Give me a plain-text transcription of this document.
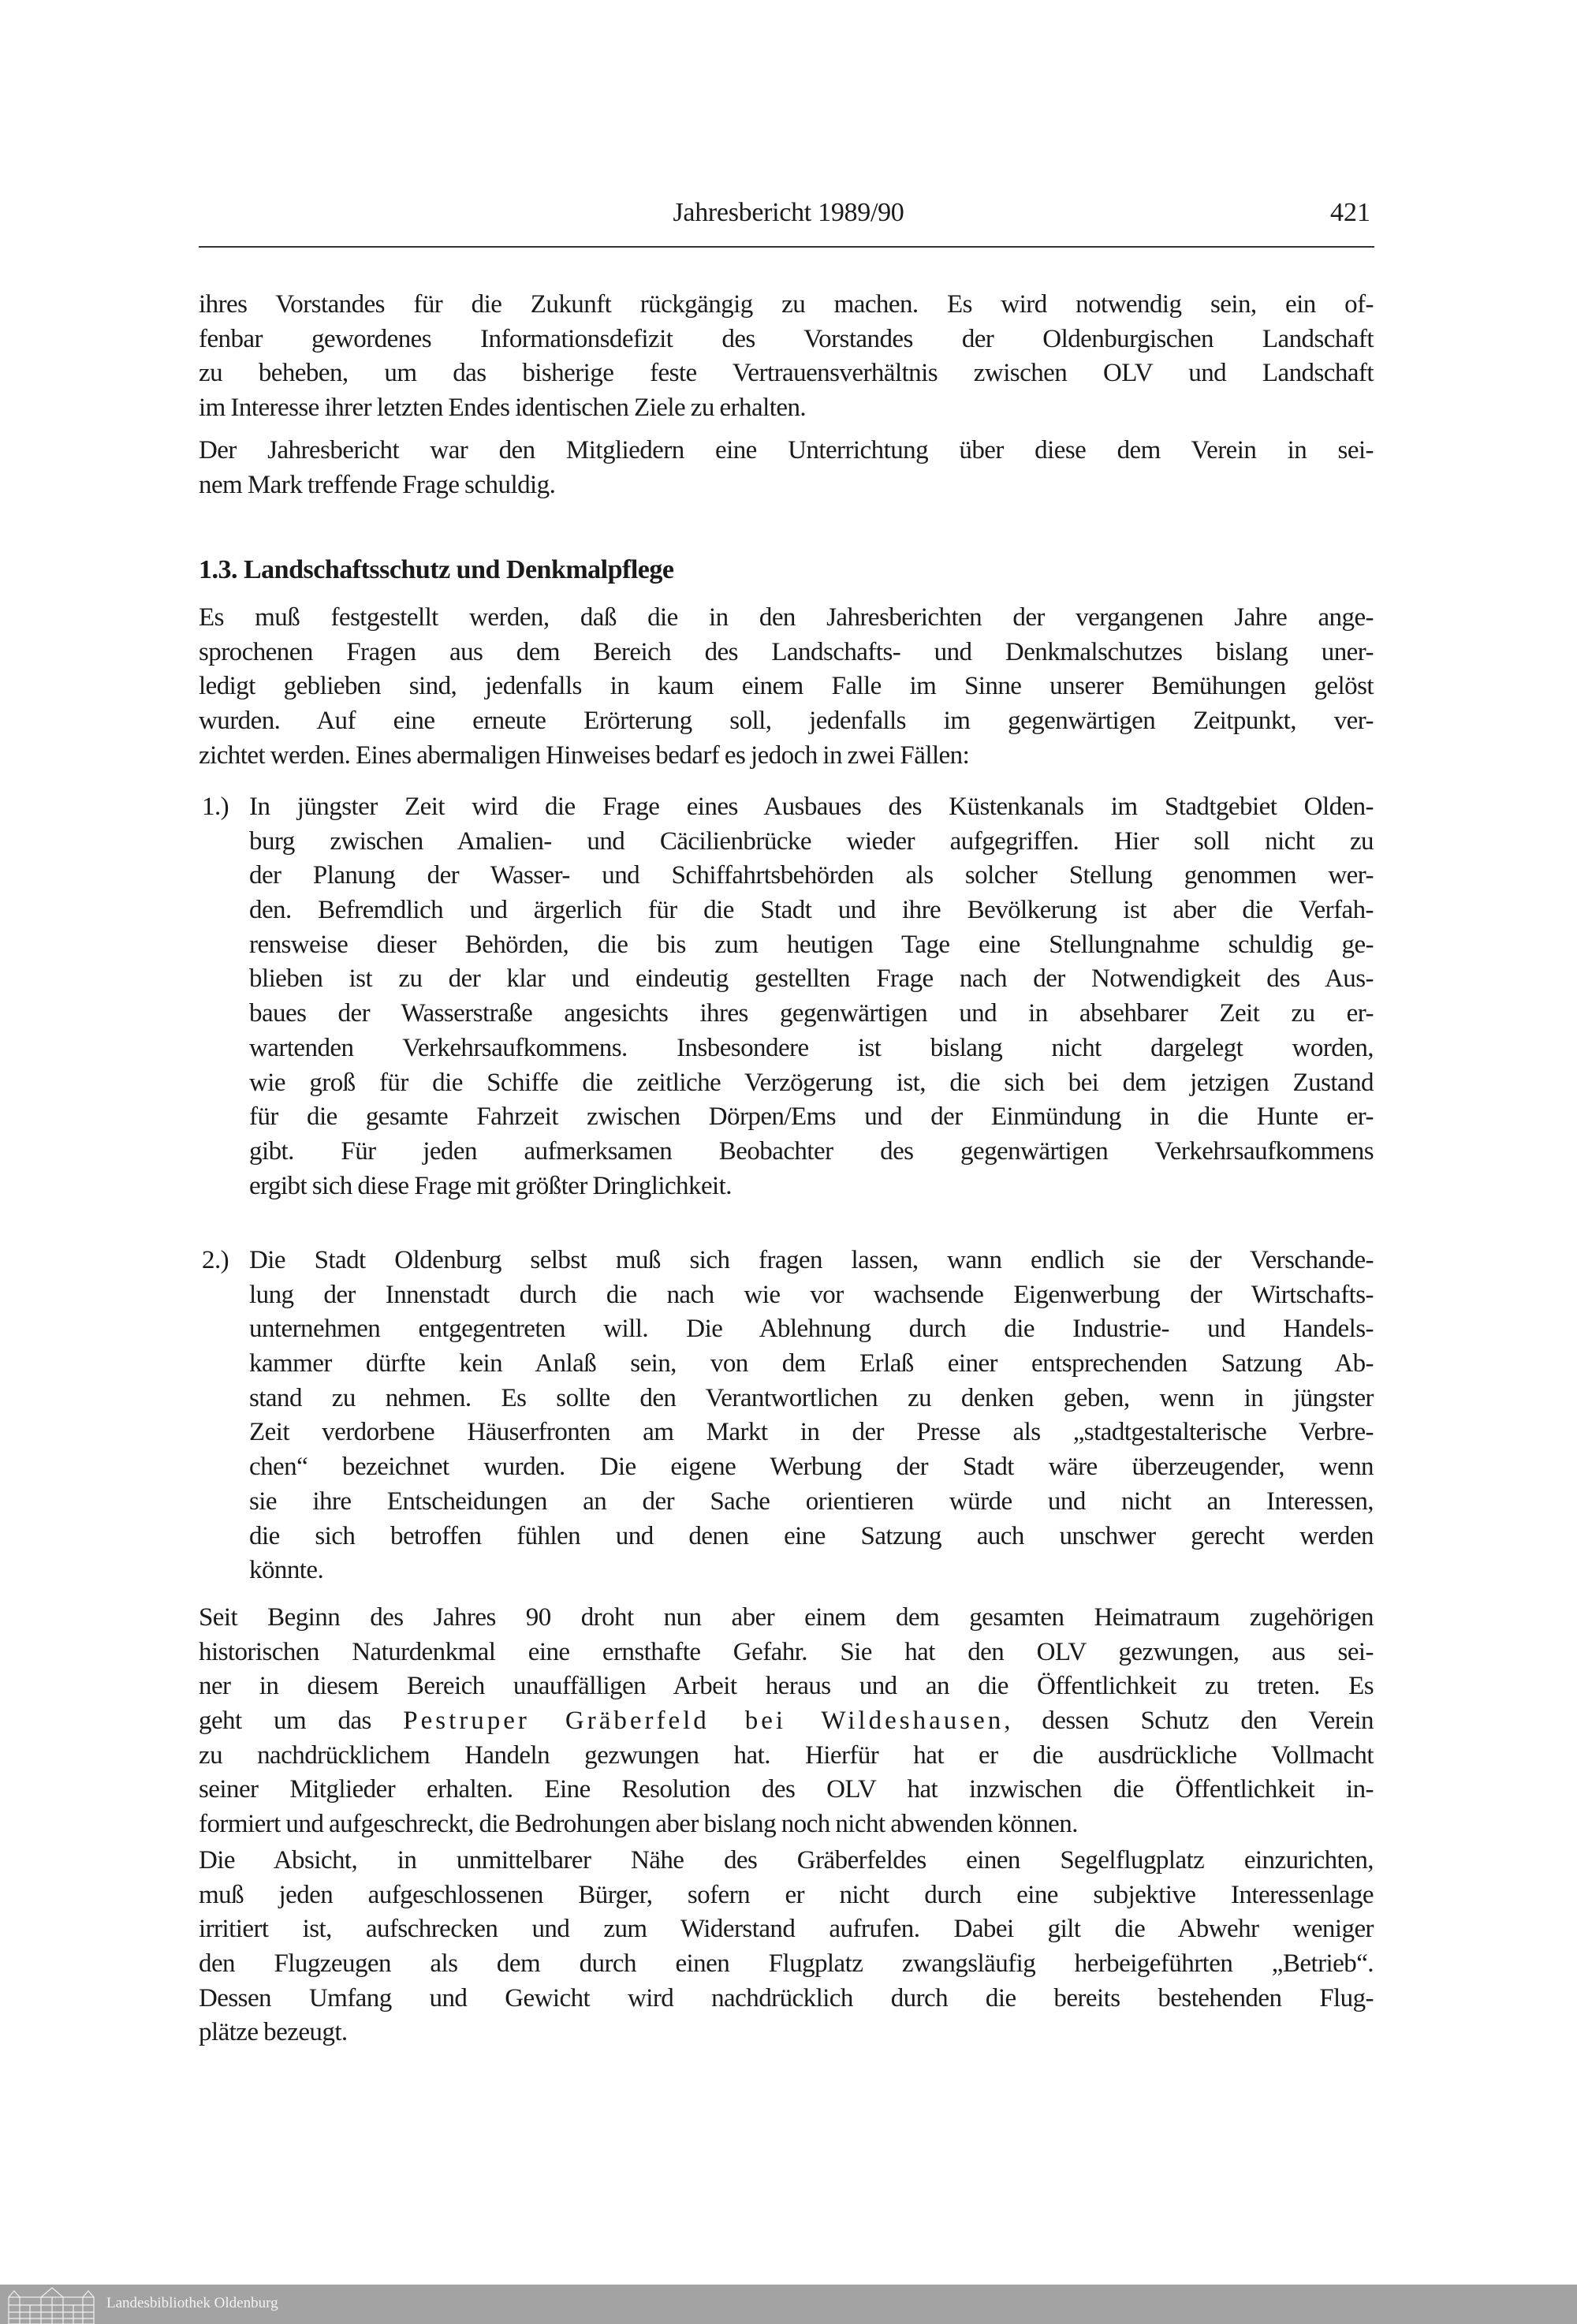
Jahresbericht 1989/90	421
ihres Vorstandes für die Zukunft rückgängig zu machen. Es wird notwendig sein, ein of-
fenbar gewordenes Informationsdefizit des Vorstandes der Oldenburgischen Landschaft
zu beheben, um das bisherige feste Vertrauensverhältnis zwischen OLV und Landschaft
im Interesse ihrer letzten Endes identischen Ziele zu erhalten.
Der Jahresbericht war den Mitgliedern eine Unterrichtung über diese dem Verein in sei-
nem Mark treffende Frage schuldig.
1.3. Landschaftsschutz und Denkmalpflege
Es muß festgestellt werden, daß die in den Jahresberichten der vergangenen Jahre ange-
sprochenen Fragen aus dem Bereich des Landschafts- und Denkmalschutzes bislang uner-
ledigt geblieben sind, jedenfalls in kaum einem Falle im Sinne unserer Bemühungen gelöst
wurden. Auf eine erneute Erörterung soll, jedenfalls im gegenwärtigen Zeitpunkt, ver-
zichtet werden. Eines abermaligen Hinweises bedarf es jedoch in zwei Fällen:
1.) In jüngster Zeit wird die Frage eines Ausbaues des Küstenkanals im Stadtgebiet Olden-
burg zwischen Amalien- und Cäcilienbrücke wieder aufgegriffen. Hier soll nicht zu
der Planung der Wasser- und Schiffahrtsbehörden als solcher Stellung genommen wer-
den. Befremdlich und ärgerlich für die Stadt und ihre Bevölkerung ist aber die Verfah-
rensweise dieser Behörden, die bis zum heutigen Tage eine Stellungnahme schuldig ge-
blieben ist zu der klar und eindeutig gestellten Frage nach der Notwendigkeit des Aus-
baues der Wasserstraße angesichts ihres gegenwärtigen und in absehbarer Zeit zu er-
wartenden Verkehrsaufkommens. Insbesondere ist bislang nicht dargelegt worden,
wie groß für die Schiffe die zeitliche Verzögerung ist, die sich bei dem jetzigen Zustand
für die gesamte Fahrzeit zwischen Dörpen/Ems und der Einmündung in die Hunte er-
gibt. Für jeden aufmerksamen Beobachter des gegenwärtigen Verkehrsaufkommens
ergibt sich diese Frage mit größter Dringlichkeit.
2.) Die Stadt Oldenburg selbst muß sich fragen lassen, wann endlich sie der Verschande-
lung der Innenstadt durch die nach wie vor wachsende Eigenwerbung der Wirtschafts-
unternehmen entgegentreten will. Die Ablehnung durch die Industrie- und Handels-
kammer dürfte kein Anlaß sein, von dem Erlaß einer entsprechenden Satzung Ab-
stand zu nehmen. Es sollte den Verantwortlichen zu denken geben, wenn in jüngster
Zeit verdorbene Häuserfronten am Markt in der Presse als „stadtgestalterische Verbre-
chen“ bezeichnet wurden. Die eigene Werbung der Stadt wäre überzeugender, wenn
sie ihre Entscheidungen an der Sache orientieren würde und nicht an Interessen,
die sich betroffen fühlen und denen eine Satzung auch unschwer gerecht werden
könnte.
Seit Beginn des Jahres 90 droht nun aber einem dem gesamten Heimatraum zugehörigen
historischen Naturdenkmal eine ernsthafte Gefahr. Sie hat den OLV gezwungen, aus sei-
ner in diesem Bereich unauffälligen Arbeit heraus und an die Öffentlichkeit zu treten. Es
geht um das Pestruper Gräberfeld bei Wildeshausen, dessen Schutz den Verein
zu nachdrücklichem Handeln gezwungen hat. Hierfür hat er die ausdrückliche Vollmacht
seiner Mitglieder erhalten. Eine Resolution des OLV hat inzwischen die Öffentlichkeit in-
formiert und aufgeschreckt, die Bedrohungen aber bislang noch nicht abwenden können.
Die Absicht, in unmittelbarer Nähe des Gräberfeldes einen Segelflugplatz einzurichten,
muß jeden aufgeschlossenen Bürger, sofern er nicht durch eine subjektive Interessenlage
irritiert ist, aufschrecken und zum Widerstand aufrufen. Dabei gilt die Abwehr weniger
den Flugzeugen als dem durch einen Flugplatz zwangsläufig herbeigeführten „Betrieb“.
Dessen Umfang und Gewicht wird nachdrücklich durch die bereits bestehenden Flug-
plätze bezeugt.
Landesbibliothek Oldenburg
